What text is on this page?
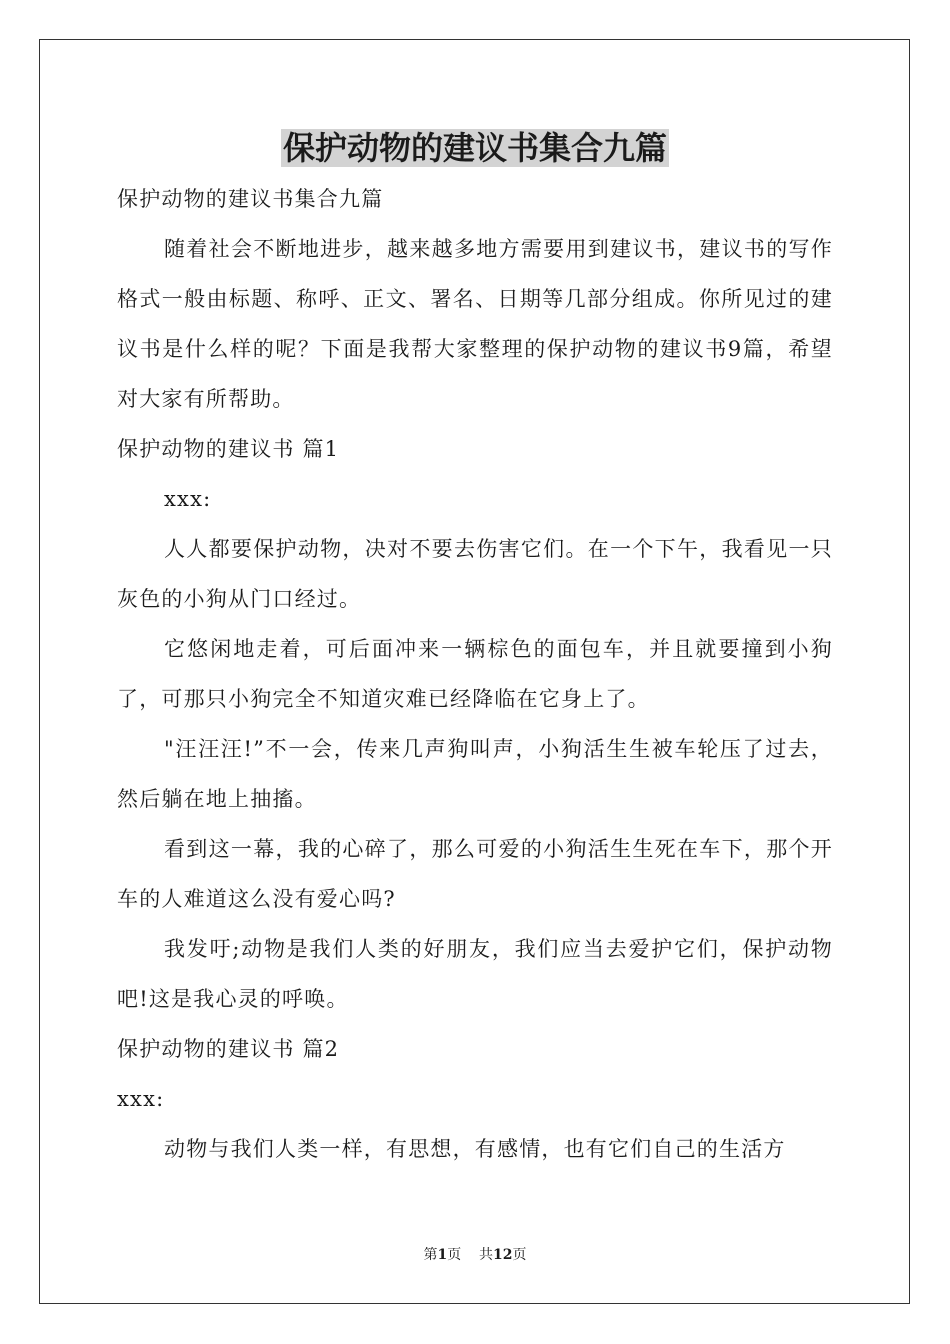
保护动物的建议书集合九篇

保护动物的建议书集合九篇

随着社会不断地进步，越来越多地方需要用到建议书，建议书的写作格式一般由标题、称呼、正文、署名、日期等几部分组成。你所见过的建议书是什么样的呢？下面是我帮大家整理的保护动物的建议书9篇，希望对大家有所帮助。

保护动物的建议书 篇1

xxx:

人人都要保护动物，决对不要去伤害它们。在一个下午，我看见一只灰色的小狗从门口经过。

它悠闲地走着，可后面冲来一辆棕色的面包车，并且就要撞到小狗了，可那只小狗完全不知道灾难已经降临在它身上了。

"汪汪汪!”不一会，传来几声狗叫声，小狗活生生被车轮压了过去，然后躺在地上抽搐。

看到这一幕，我的心碎了，那么可爱的小狗活生生死在车下，那个开车的人难道这么没有爱心吗?

我发吁;动物是我们人类的好朋友，我们应当去爱护它们，保护动物吧!这是我心灵的呼唤。

保护动物的建议书 篇2

xxx:

动物与我们人类一样，有思想，有感情，也有它们自己的生活方

第1页 共12页
